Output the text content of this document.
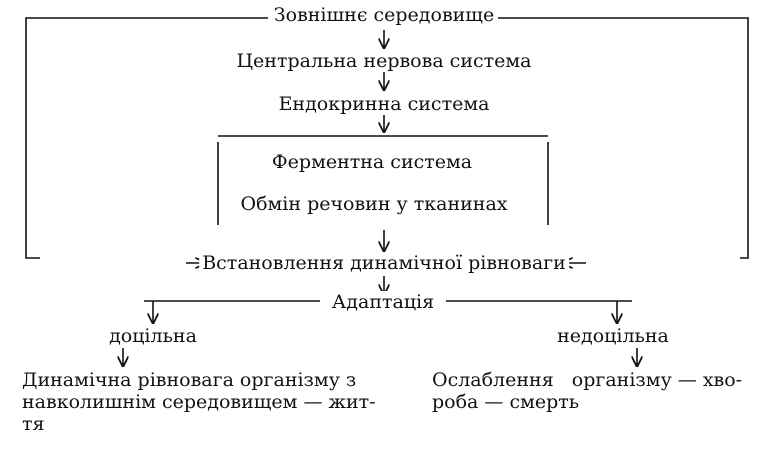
Зовнішнє середовище
Центральна нервова система
Ендокринна система
Ферментна система
Обмін речовин у тканинах
Встановлення динамічної рівноваги
Адаптація
доцільна	недоцільна
Динамічна рівновага організму з
навколишнім середовищем — жит-
тя
Ослаблення   організму — хво-
роба — смерть
